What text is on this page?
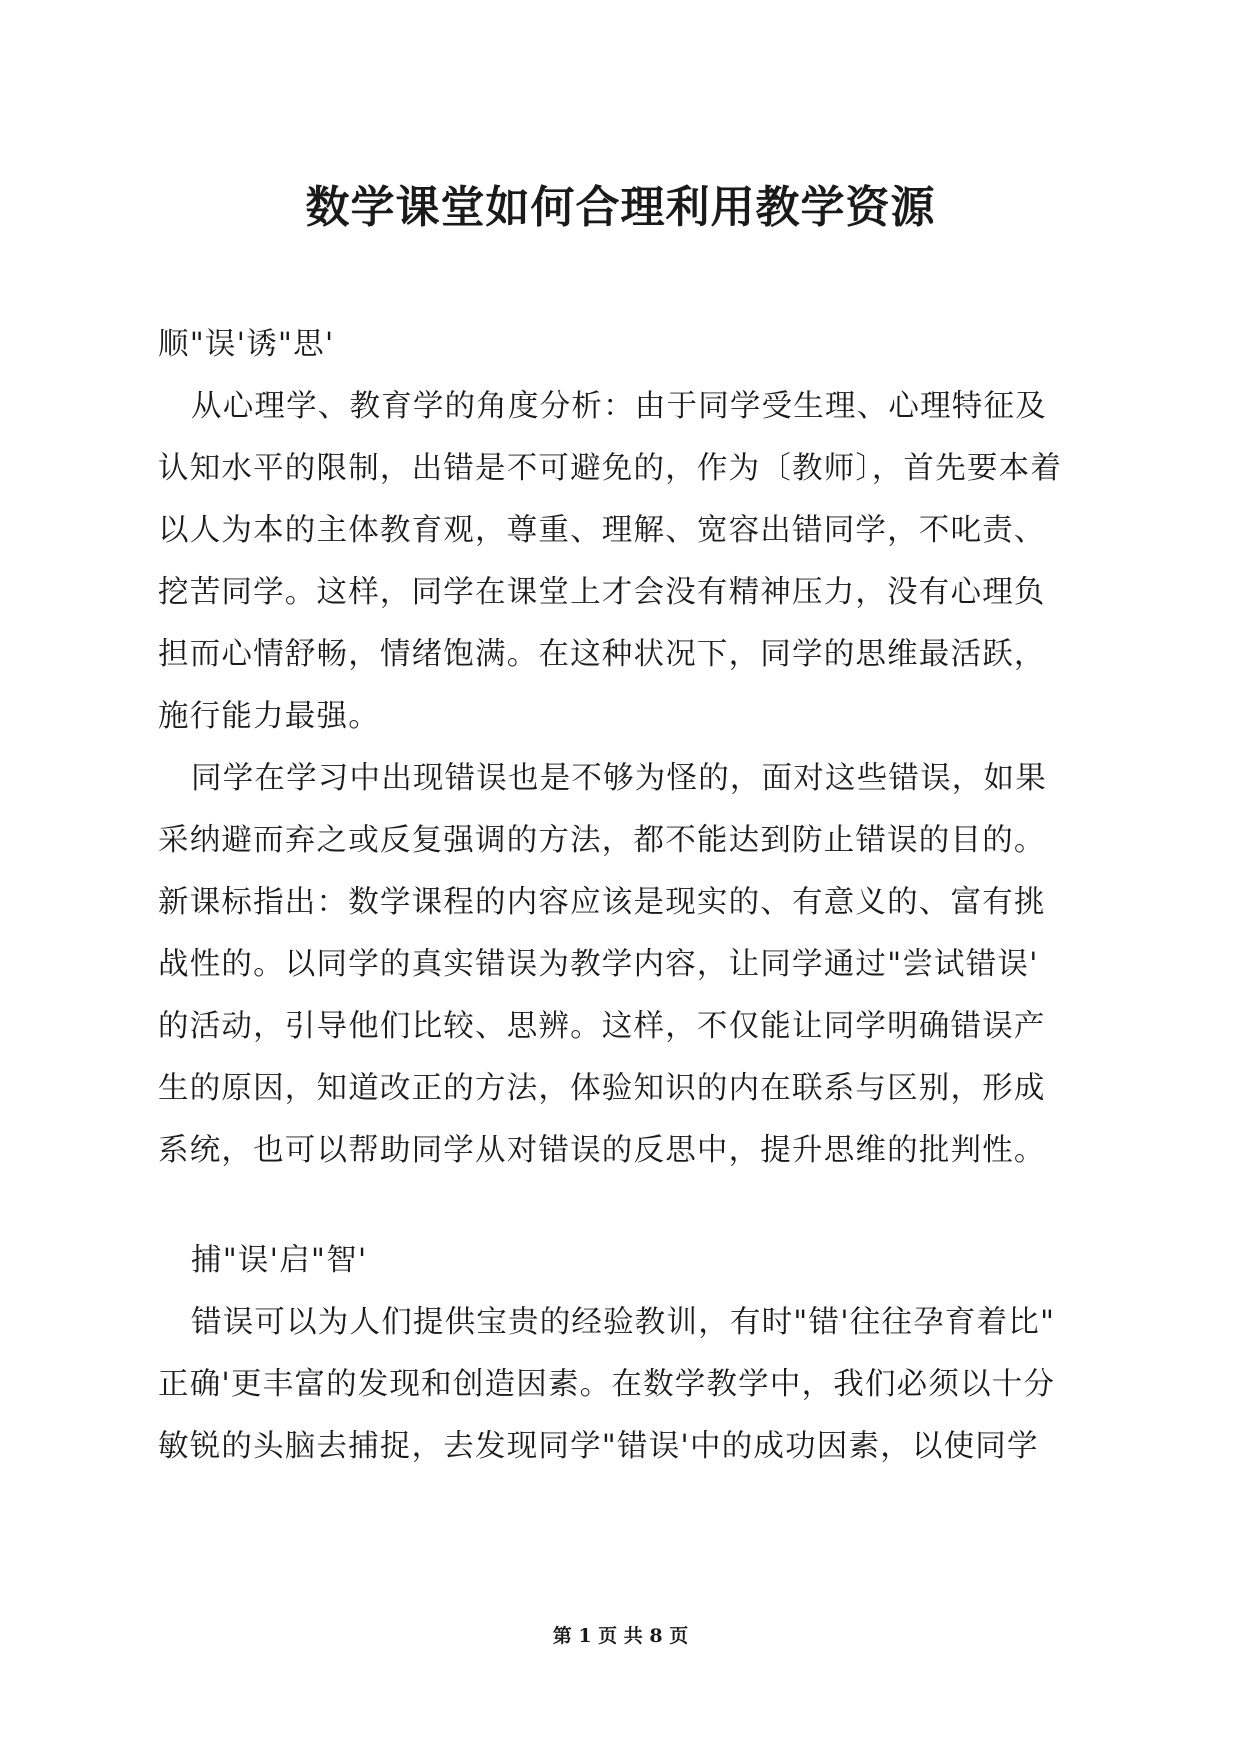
数学课堂如何合理利用教学资源

顺"误'诱"思'

从心理学、教育学的角度分析：由于同学受生理、心理特征及

认知水平的限制，出错是不可避免的，作为〔教师〕，首先要本着

以人为本的主体教育观，尊重、理解、宽容出错同学，不叱责、

挖苦同学。这样，同学在课堂上才会没有精神压力，没有心理负

担而心情舒畅，情绪饱满。在这种状况下，同学的思维最活跃，

施行能力最强。

同学在学习中出现错误也是不够为怪的，面对这些错误，如果

采纳避而弃之或反复强调的方法，都不能达到防止错误的目的。

新课标指出：数学课程的内容应该是现实的、有意义的、富有挑

战性的。以同学的真实错误为教学内容，让同学通过"尝试错误'

的活动，引导他们比较、思辨。这样，不仅能让同学明确错误产

生的原因，知道改正的方法，体验知识的内在联系与区别，形成

系统，也可以帮助同学从对错误的反思中，提升思维的批判性。

捕"误'启"智'

错误可以为人们提供宝贵的经验教训，有时"错'往往孕育着比"

正确'更丰富的发现和创造因素。在数学教学中，我们必须以十分

敏锐的头脑去捕捉，去发现同学"错误'中的成功因素，以使同学

第 1 页 共 8 页
